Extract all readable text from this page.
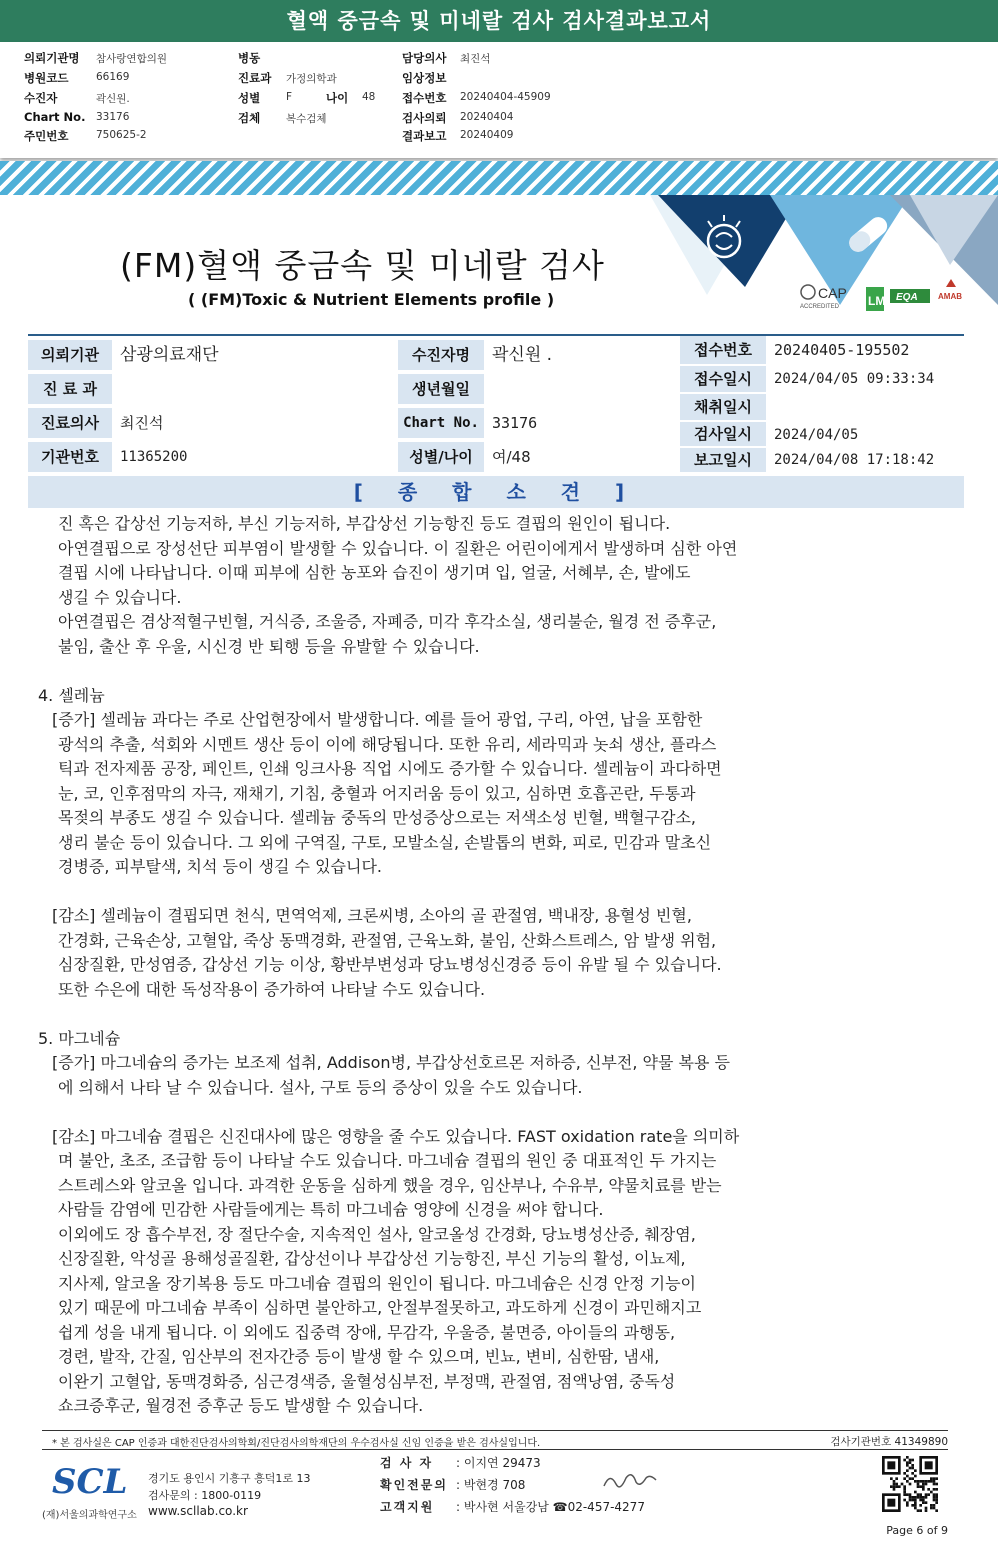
혈액 중금속 및 미네랄 검사 검사결과보고서
의뢰기관명 참사랑연합의원
병원코드	66169
수진자	곽신원.
Chart No. 33176
주민번호	750625-2
병동
진료과 가정의학과
성별 F	나이 48
검체 복수검체
담당의사 최진석
임상정보
접수번호 20240404-45909
검사의뢰 20240404
결과보고 20240409
(FM)혈액 중금속 및 미네랄 검사
( (FM)Toxic & Nutrient Elements profile )	CAP
ACCREDITED LM EQA	AMAB
의뢰기관	삼광의료재단
진 료 과
진료의사	최진석
기관번호	11365200
수진자명	곽신원 .
생년월일
Chart No. 33176
성별/나이	여/48
접수번호	20240405-195502
접수일시	2024/04/05 09:33:34
채취일시
검사일시	2024/04/05
보고일시	2024/04/08 17:18:42
[ 종 합 소 견 ]
진 혹은 갑상선 기능저하, 부신 기능저하, 부갑상선 기능항진 등도 결핍의 원인이 됩니다.
아연결핍으로 장성선단 피부염이 발생할 수 있습니다. 이 질환은 어린이에게서 발생하며 심한 아연
결핍 시에 나타납니다. 이때 피부에 심한 농포와 습진이 생기며 입, 얼굴, 서혜부, 손, 발에도
생길 수 있습니다.
아연결핍은 겸상적혈구빈혈, 거식증, 조울증, 자폐증, 미각 후각소실, 생리불순, 월경 전 증후군,
불임, 출산 후 우울, 시신경 반 퇴행 등을 유발할 수 있습니다.
4. 셀레늄
[증가] 셀레늄 과다는 주로 산업현장에서 발생합니다. 예를 들어 광업, 구리, 아연, 납을 포함한
광석의 추출, 석회와 시멘트 생산 등이 이에 해당됩니다. 또한 유리, 세라믹과 놋쇠 생산, 플라스
틱과 전자제품 공장, 페인트, 인쇄 잉크사용 직업 시에도 증가할 수 있습니다. 셀레늄이 과다하면
눈, 코, 인후점막의 자극, 재채기, 기침, 충혈과 어지러움 등이 있고, 심하면 호흡곤란, 두통과
목젖의 부종도 생길 수 있습니다. 셀레늄 중독의 만성증상으로는 저색소성 빈혈, 백혈구감소,
생리 불순 등이 있습니다. 그 외에 구역질, 구토, 모발소실, 손발톱의 변화, 피로, 민감과 말초신
경병증, 피부탈색, 치석 등이 생길 수 있습니다.
[감소] 셀레늄이 결핍되면 천식, 면역억제, 크론씨병, 소아의 골 관절염, 백내장, 용혈성 빈혈,
간경화, 근육손상, 고혈압, 죽상 동맥경화, 관절염, 근육노화, 불임, 산화스트레스, 암 발생 위험,
심장질환, 만성염증, 갑상선 기능 이상, 황반부변성과 당뇨병성신경증 등이 유발 될 수 있습니다.
또한 수은에 대한 독성작용이 증가하여 나타날 수도 있습니다.
5. 마그네슘
[증가] 마그네슘의 증가는 보조제 섭취, Addison병, 부갑상선호르몬 저하증, 신부전, 약물 복용 등
에 의해서 나타 날 수 있습니다. 설사, 구토 등의 증상이 있을 수도 있습니다.
[감소] 마그네슘 결핍은 신진대사에 많은 영향을 줄 수도 있습니다. FAST oxidation rate을 의미하
며 불안, 초조, 조급함 등이 나타날 수도 있습니다. 마그네슘 결핍의 원인 중 대표적인 두 가지는
스트레스와 알코올 입니다. 과격한 운동을 심하게 했을 경우, 임산부나, 수유부, 약물치료를 받는
사람들 감염에 민감한 사람들에게는 특히 마그네슘 영양에 신경을 써야 합니다.
이외에도 장 흡수부전, 장 절단수술, 지속적인 설사, 알코올성 간경화, 당뇨병성산증, 췌장염,
신장질환, 악성골 용해성골질환, 갑상선이나 부갑상선 기능항진, 부신 기능의 활성, 이뇨제,
지사제, 알코올 장기복용 등도 마그네슘 결핍의 원인이 됩니다. 마그네슘은 신경 안정 기능이
있기 때문에 마그네슘 부족이 심하면 불안하고, 안절부절못하고, 과도하게 신경이 과민해지고
쉽게 성을 내게 됩니다. 이 외에도 집중력 장애, 무감각, 우울증, 불면증, 아이들의 과행동,
경련, 발작, 간질, 임산부의 전자간증 등이 발생 할 수 있으며, 빈뇨, 변비, 심한땀, 냄새,
이완기 고혈압, 동맥경화증, 심근경색증, 울혈성심부전, 부정맥, 관절염, 점액낭염, 중독성
쇼크증후군, 월경전 증후군 등도 발생할 수 있습니다.
* 본 검사실은 CAP 인증과 대한진단검사의학회/진단검사의학재단의 우수검사실 신임 인증을 받은 검사실입니다.	검사기관번호 41349890
SCL
(재)서울의과학연구소
경기도 용인시 기흥구 흥덕1로 13
검사문의 : 1800-0119
www.scllab.co.kr
검 사 자 : 이지연 29473
확인전문의 : 박현경 708
고객지원 : 박사현 서울강남 ☎02-457-4277
Page 6 of 9
